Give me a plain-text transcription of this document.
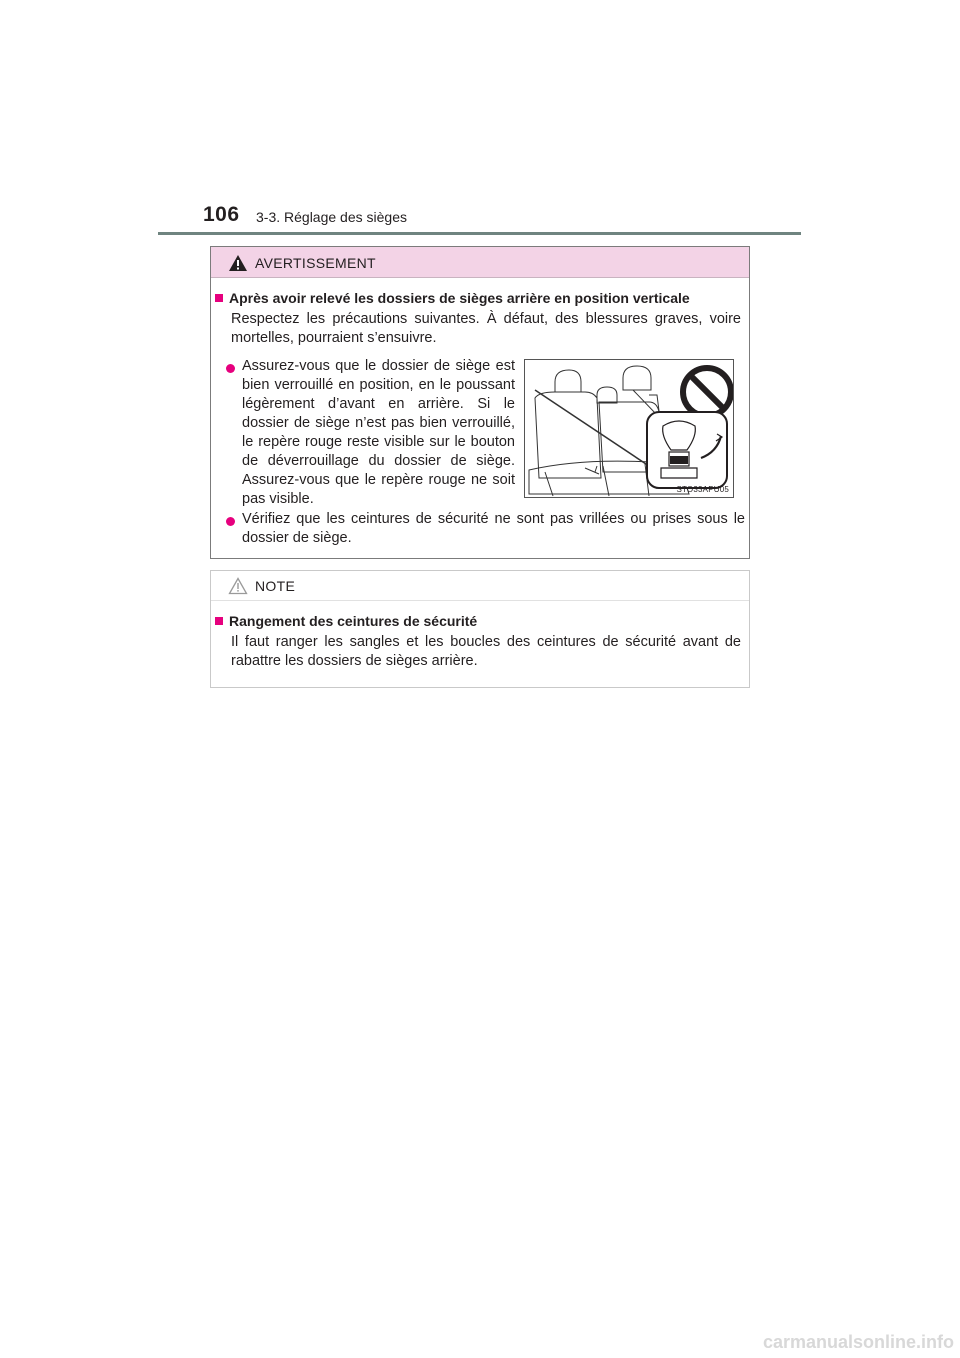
106 3-3. Réglage des sièges
AVERTISSEMENT
Après avoir relevé les dossiers de sièges arrière en position verticale
Respectez les précautions suivantes. À défaut, des blessures graves, voire mortelles, pourraient s’ensuivre.
Assurez-vous que le dossier de siège est bien verrouillé en position, en le poussant légèrement d’avant en arrière. Si le dossier de siège n’est pas bien verrouillé, le repère rouge reste visible sur le bouton de déverrouillage du dossier de siège. Assurez-vous que le repère rouge ne soit pas visible.
STO33APU05
Vérifiez que les ceintures de sécurité ne sont pas vrillées ou prises sous le dossier de siège.
NOTE
Rangement des ceintures de sécurité
Il faut ranger les sangles et les boucles des ceintures de sécurité avant de rabattre les dossiers de sièges arrière.
carmanualsonline.info
